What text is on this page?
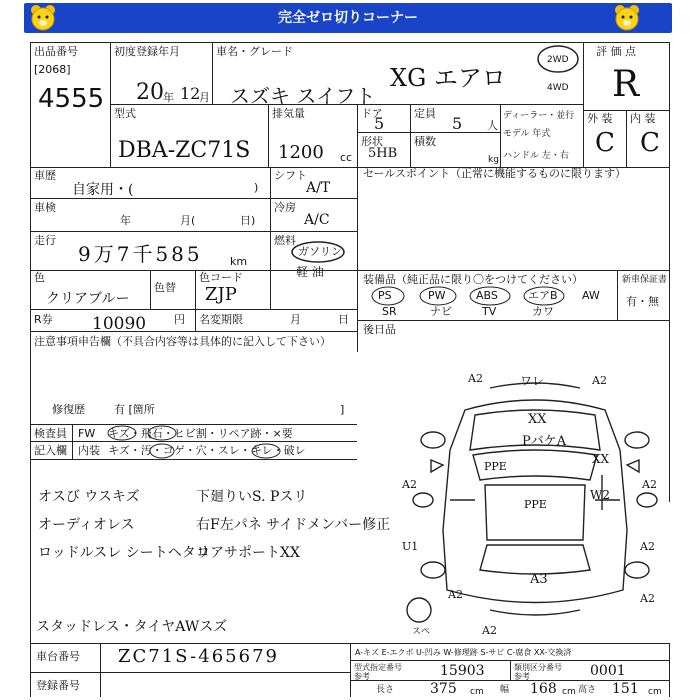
完全ゼロ切りコーナー
出品番号
[2068]
4555
初度登録年月
20 年 12
月
車名・グレード
スズキ スイフト
XG エアロ
2WD
4WD
評 価 点
R
外 装 内 装
C C
型式
DBA-ZC71S
排気量
1200 cc
ドア
5
定員
5 人
形状
5HB
積数
kg
ディーラー・並行
モデル 年式
ハンドル 左・右
車歴
自家用・(	)
車検
年	月(	日)
走行
9万7千585 km
シフト
A/T
冷房
A/C
燃料
ガソリン
軽 油
色
クリアブルー
色替
色コード
ZJP
R券 10090	円 名変期限	月	日
セールスポイント（正常に機能するものに限ります）
注意事項申告欄（不具合内容等は具体的に記入して下さい）
修復歴	有 [箇所	]
装備品（純正品に限り〇をつけてください）	新車保証書
有・無
PS	PW	ABS	エアB AW
SR	ナビ	TV	カワ
後日品
検査員
記入欄
FW キズ・飛石・ヒビ割・リペア跡・×要
内装 キズ・汚・コゲ・穴・スレ・キレ・破レ
オスび ウスキズ
オーディオレス
ロッドルスレ シートヘタリ
下廻りいS. Pスリ
右F左パネ サイドメンバー修正
コアサポートXX
スタッドレス・タイヤAWスズ
A2	ワレ	A2
XX
PバケA
XX
A2
PPE
W2
A2
PPE
U1	A2
A3
A2	A2
A2
スペ
車台番号 ZC71S-465679
登録番号
A-キズ E-エクボ U-凹み W-修理跡 S-サビ C-腐食 XX-交換済
型式指定番号
参考	15903	類別区分番号
参考	0001
長さ	375 cm 幅 168 cm 高さ 151 cm
